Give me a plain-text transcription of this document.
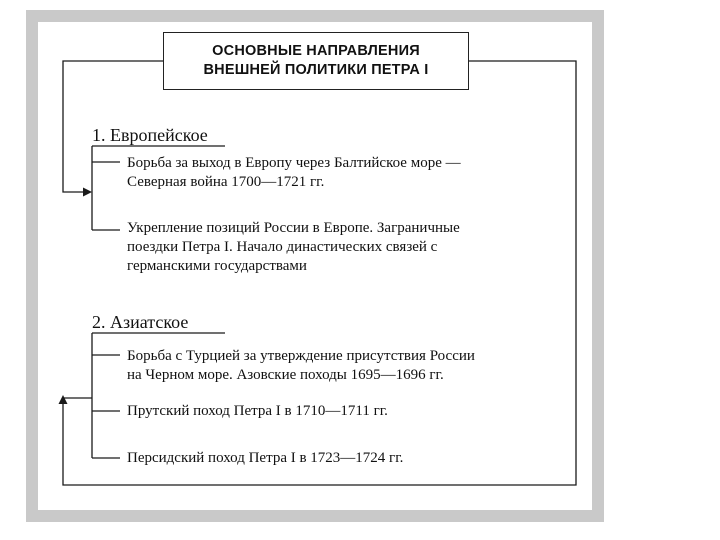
ОСНОВНЫЕ НАПРАВЛЕНИЯ
ВНЕШНЕЙ ПОЛИТИКИ ПЕТРА I
1. Европейское
Борьба за выход в Европу через Балтийское море —
Северная война 1700—1721 гг.
Укрепление позиций России в Европе. Заграничные
поездки Петра I. Начало династических связей с
германскими государствами
2. Азиатское
Борьба с Турцией за утверждение присутствия России
на Черном море. Азовские походы 1695—1696 гг.
Прутский поход Петра I в 1710—1711 гг.
Персидский поход Петра I в 1723—1724 гг.
